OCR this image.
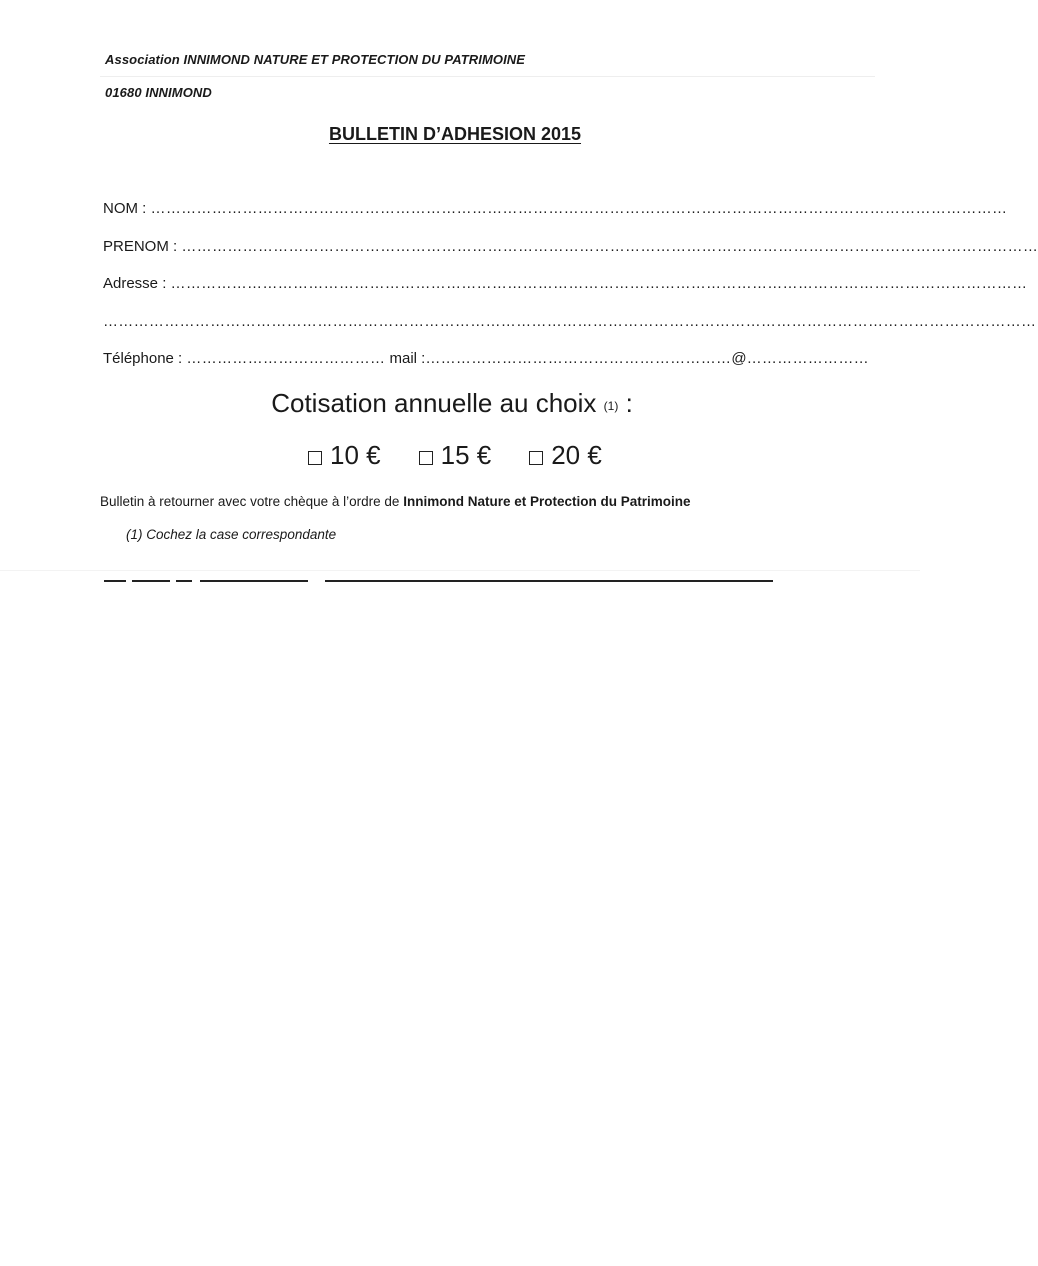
Association INNIMOND NATURE ET PROTECTION DU PATRIMOINE
01680 INNIMOND
BULLETIN D’ADHESION 2015
NOM : ……………………………………………………………………………………………………………………………………………………
PRENOM : ……………………………………………………………………………………………………………………………………………………
Adresse : ……………………………………………………………………………………………………………………………………………………
…………………………………………………………………………………………………………………………………………………………………
Téléphone : ………………………………… mail :……………………………………………………@……………………
Cotisation annuelle au choix (1) :
10 € 15 € 20 €
Bulletin à retourner avec votre chèque à l’ordre de Innimond Nature et Protection du Patrimoine
(1) Cochez la case correspondante
